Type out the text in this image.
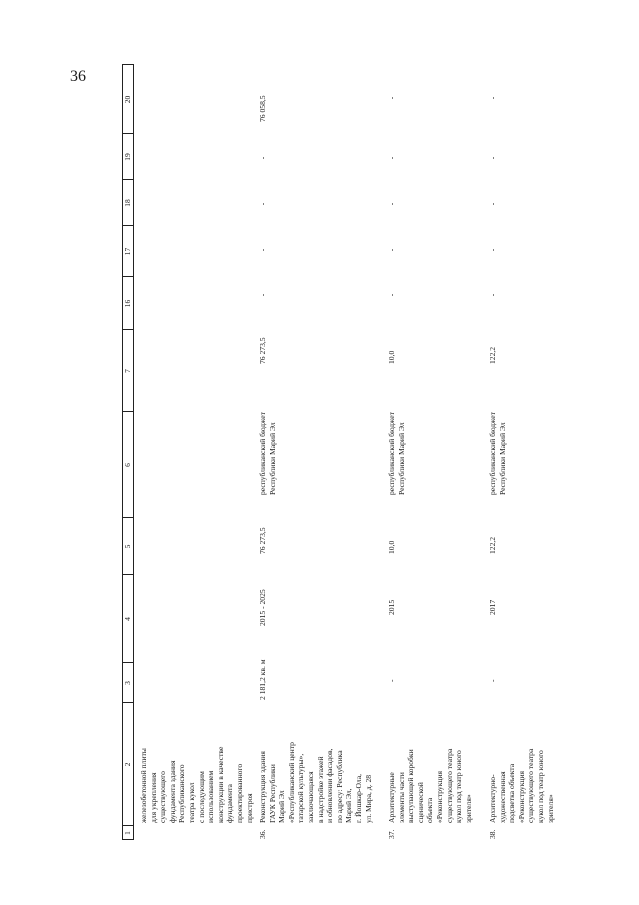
36
1
2
3
4
5
6
7
16
17
18
19
20
железобетонной плиты для укрепления существующего фундамента здания Республиканского театра кукол с последующим использованием конструкции в качестве фундамента проектированного пристроя
36.
Реконструкция здания ГАУК Республики Марий Эл «Республиканский центр татарской культуры», заключающаяся в надстройке этажей и обновлении фасадов, по адресу: Республика Марий Эл, г. Йошкар-Ола, ул. Мира, д. 28
2 181,2 кв. м
2015 - 2025
76 273,5
республиканский бюджет Республики Марий Эл
76 273,5
-
-
-
-
76 058,5
37.
Архитектурные элементы части выступающей коробки сценической объекта «Реконструкция существующего театра кукол под театр юного зрителя»
-
2015
10,0
республиканский бюджет Республики Марий Эл
10,0
-
-
-
-
-
38.
Архитектурно- художественная подсветка объекта «Реконструкция существующего театра кукол под театр юного зрителя»
-
2017
122,2
республиканский бюджет Республики Марий Эл
122,2
-
-
-
-
-
